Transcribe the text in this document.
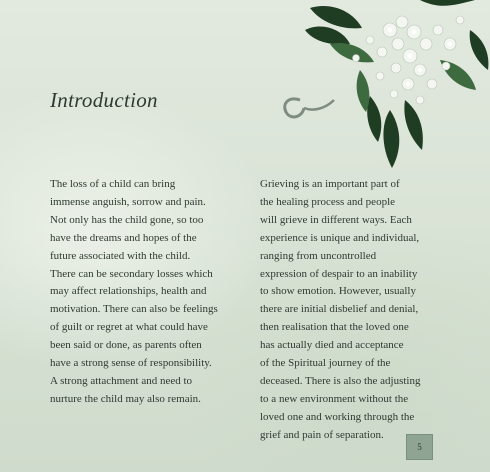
Introduction
The loss of a child can bring
immense anguish, sorrow and pain.
Not only has the child gone, so too
have the dreams and hopes of the
future associated with the child.
There can be secondary losses which
may affect relationships, health and
motivation. There can also be feelings
of guilt or regret at what could have
been said or done, as parents often
have a strong sense of responsibility.
A strong attachment and need to
nurture the child may also remain.
Grieving is an important part of
the healing process and people
will grieve in different ways. Each
experience is unique and individual,
ranging from uncontrolled
expression of despair to an inability
to show emotion. However, usually
there are initial disbelief and denial,
then realisation that the loved one
has actually died and acceptance
of the Spiritual journey of the
deceased. There is also the adjusting
to a new environment without the
loved one and working through the
grief and pain of separation.
5
